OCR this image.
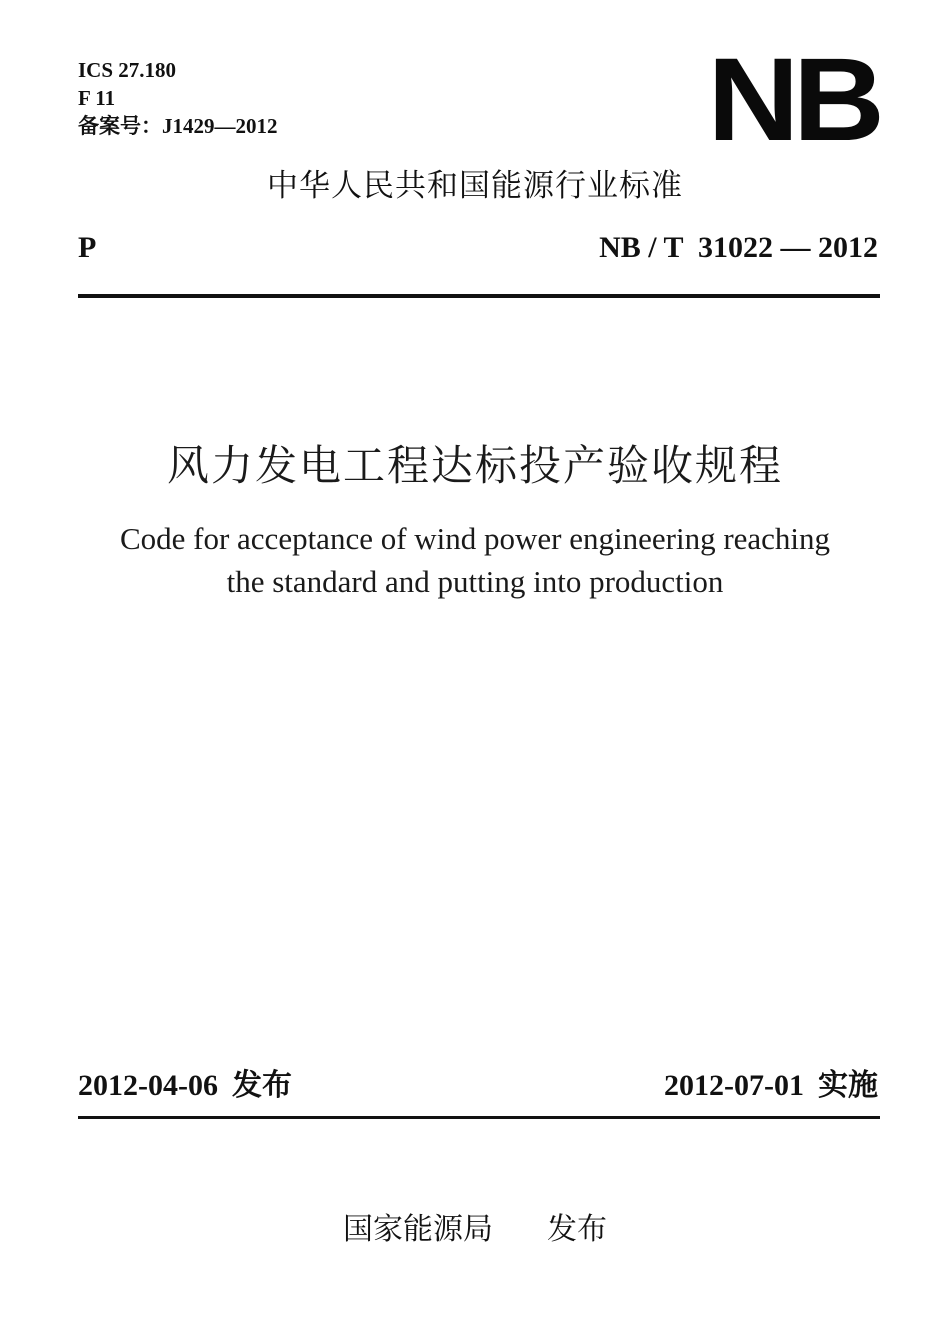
ICS 27.180
F 11
备案号：J1429—2012	NB
中华人民共和国能源行业标准
P	NB / T  31022 — 2012
风力发电工程达标投产验收规程
Code for acceptance of wind power engineering reaching
the standard and putting into production
2012-04-06 发布	2012-07-01 实施
国家能源局 发布
